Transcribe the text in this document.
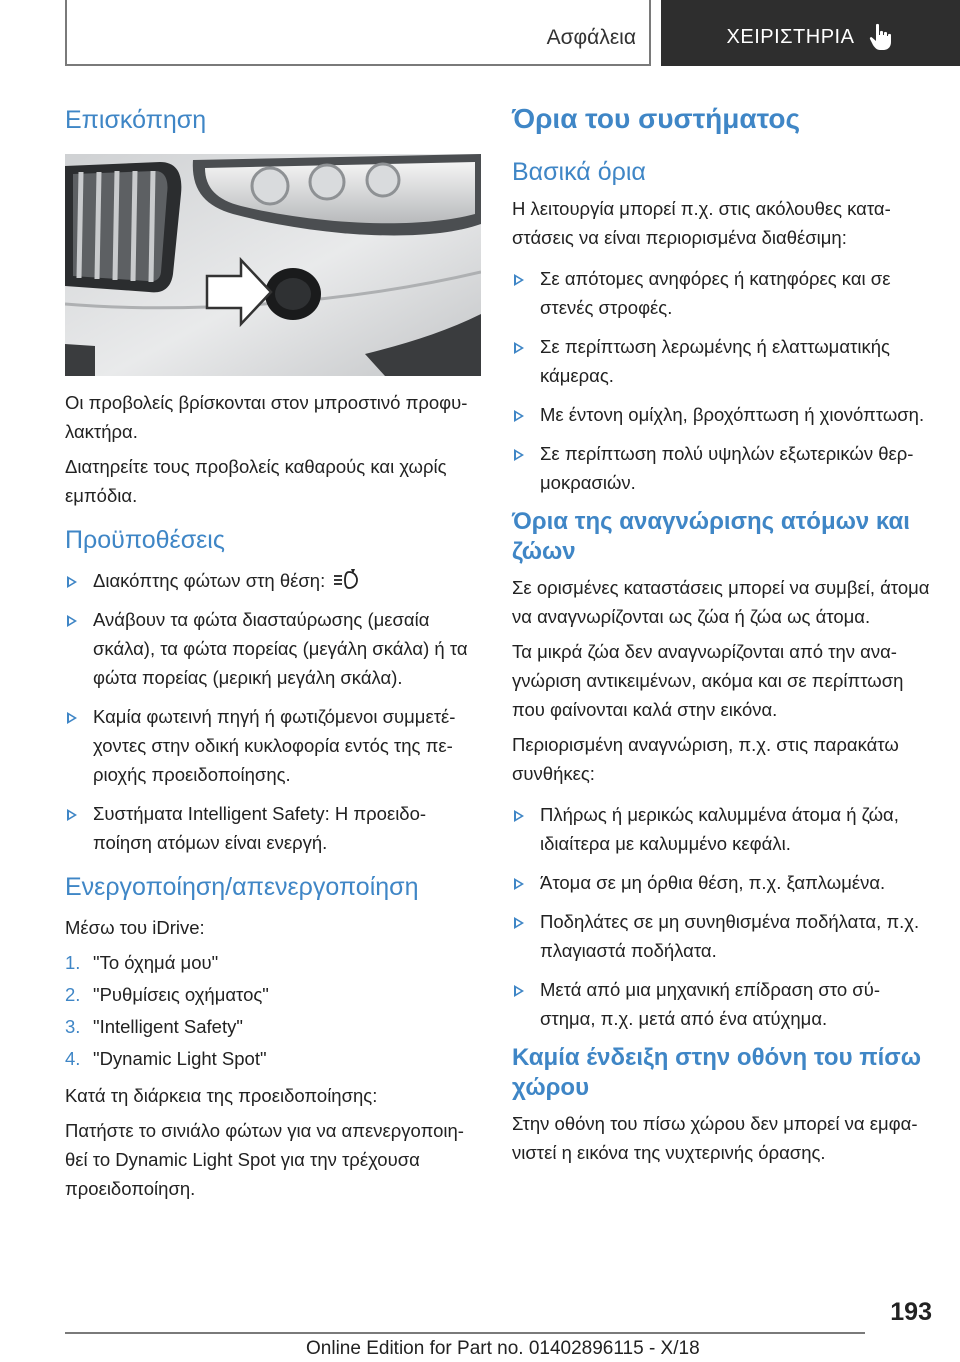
Ασφάλεια	ΧΕΙΡΙΣΤΗΡΙΑ
Επισκόπηση

Οι προβολείς βρίσκονται στον μπροστινό προφυ-λακτήρα.

Διατηρείτε τους προβολείς καθαρούς και χωρίς εμπόδια.

Προϋποθέσεις
Διακόπτης φώτων στη θέση:
Ανάβουν τα φώτα διασταύρωσης (μεσαία σκάλα), τα φώτα πορείας (μεγάλη σκάλα) ή τα φώτα πορείας (μερική μεγάλη σκάλα).
Καμία φωτεινή πηγή ή φωτιζόμενοι συμμετέ-χοντες στην οδική κυκλοφορία εντός της πε-ριοχής προειδοποίησης.
Συστήματα Intelligent Safety: Η προειδο-ποίηση ατόμων είναι ενεργή.
Ενεργοποίηση/απενεργοποίηση

Μέσω του iDrive:

1. "Το όχημά μου"
2. "Ρυθμίσεις οχήματος"
3. "Intelligent Safety"
4. "Dynamic Light Spot"

Κατά τη διάρκεια της προειδοποίησης:

Πατήστε το σινιάλο φώτων για να απενεργοποιη-θεί το Dynamic Light Spot για την τρέχουσα προειδοποίηση.

Όρια του συστήματος
Βασικά όρια

Η λειτουργία μπορεί π.χ. στις ακόλουθες κατα-στάσεις να είναι περιορισμένα διαθέσιμη:

Σε απότομες ανηφόρες ή κατηφόρες και σε στενές στροφές.
Σε περίπτωση λερωμένης ή ελαττωματικής κάμερας.
Με έντονη ομίχλη, βροχόπτωση ή χιονόπτωση.
Σε περίπτωση πολύ υψηλών εξωτερικών θερ-μοκρασιών.
Όρια της αναγνώρισης ατόμων και ζώων

Σε ορισμένες καταστάσεις μπορεί να συμβεί, άτομα να αναγνωρίζονται ως ζώα ή ζώα ως άτομα.

Τα μικρά ζώα δεν αναγνωρίζονται από την ανα-γνώριση αντικειμένων, ακόμα και σε περίπτωση που φαίνονται καλά στην εικόνα.

Περιορισμένη αναγνώριση, π.χ. στις παρακάτω συνθήκες:

Πλήρως ή μερικώς καλυμμένα άτομα ή ζώα, ιδιαίτερα με καλυμμένο κεφάλι.
Άτομα σε μη όρθια θέση, π.χ. ξαπλωμένα.
Ποδηλάτες σε μη συνηθισμένα ποδήλατα, π.χ. πλαγιαστά ποδήλατα.
Μετά από μια μηχανική επίδραση στο σύ-στημα, π.χ. μετά από ένα ατύχημα.
Καμία ένδειξη στην οθόνη του πίσω χώρου

Στην οθόνη του πίσω χώρου δεν μπορεί να εμφα-νιστεί η εικόνα της νυχτερινής όρασης.

193
Online Edition for Part no. 01402896115 - X/18
